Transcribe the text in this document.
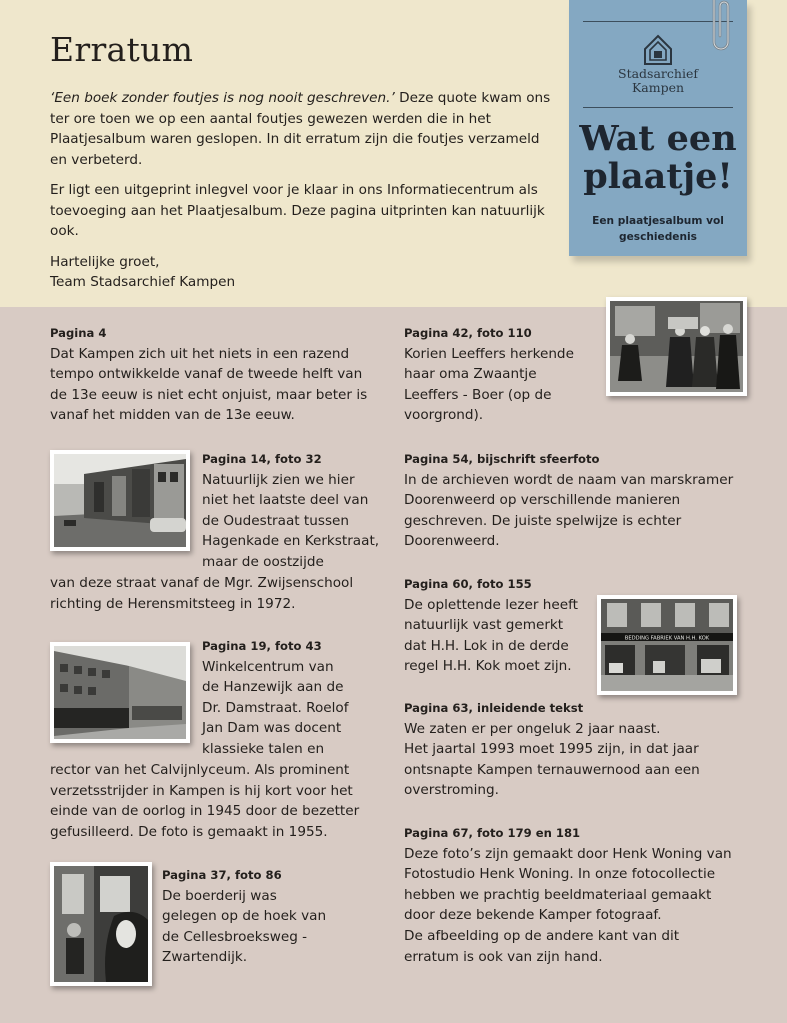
Erratum

‘Een boek zonder foutjes is nog nooit geschreven.’ Deze quote kwam ons ter ore toen we op een aantal foutjes gewezen werden die in het Plaatjesalbum waren geslopen. In dit erratum zijn die foutjes verzameld en verbeterd.

Er ligt een uitgeprint inlegvel voor je klaar in ons Informatiecentrum als toevoeging aan het Plaatjesalbum. Deze pagina uitprinten kan natuurlijk ook.

Hartelijke groet,
Team Stadsarchief Kampen

Stadsarchief
Kampen
Wat een
plaatje!
Een plaatjesalbum vol
geschiedenis
Pagina 4

Dat Kampen zich uit het niets in een razend

tempo ontwikkelde vanaf de tweede helft van

de 13e eeuw is niet echt onjuist, maar beter is

vanaf het midden van de 13e eeuw.

Pagina 14, foto 32

Natuurlijk zien we hier

niet het laatste deel van

de Oudestraat tussen

Hagenkade en Kerkstraat,

maar de oostzijde

van deze straat vanaf de Mgr. Zwijsenschool

richting de Herensmitsteeg in 1972.

Pagina 19, foto 43

Winkelcentrum van

de Hanzewijk aan de

Dr. Damstraat. Roelof

Jan Dam was docent

klassieke talen en

rector van het Calvijnlyceum. Als prominent

verzetsstrijder in Kampen is hij kort voor het

einde van de oorlog in 1945 door de bezetter

gefusilleerd. De foto is gemaakt in 1955.

Pagina 37, foto 86

De boerderij was

gelegen op de hoek van

de Cellesbroeksweg -

Zwartendijk.

Pagina 42, foto 110

Korien Leeffers herkende

haar oma Zwaantje

Leeffers - Boer (op de

voorgrond).

Pagina 54, bijschrift sfeerfoto

In de archieven wordt de naam van marskramer

Doorenweerd op verschillende manieren

geschreven. De juiste spelwijze is echter

Doorenweerd.

Pagina 60, foto 155

De oplettende lezer heeft

natuurlijk vast gemerkt

dat H.H. Lok in de derde

regel H.H. Kok moet zijn.

BEDDING FABRIEK VAN H.H. KOK
Pagina 63, inleidende tekst

We zaten er per ongeluk 2 jaar naast.

Het jaartal 1993 moet 1995 zijn, in dat jaar

ontsnapte Kampen ternauwernood aan een

overstroming.

Pagina 67, foto 179 en 181

Deze foto’s zijn gemaakt door Henk Woning van

Fotostudio Henk Woning. In onze fotocollectie

hebben we prachtig beeldmateriaal gemaakt

door deze bekende Kamper fotograaf.

De afbeelding op de andere kant van dit

erratum is ook van zijn hand.
